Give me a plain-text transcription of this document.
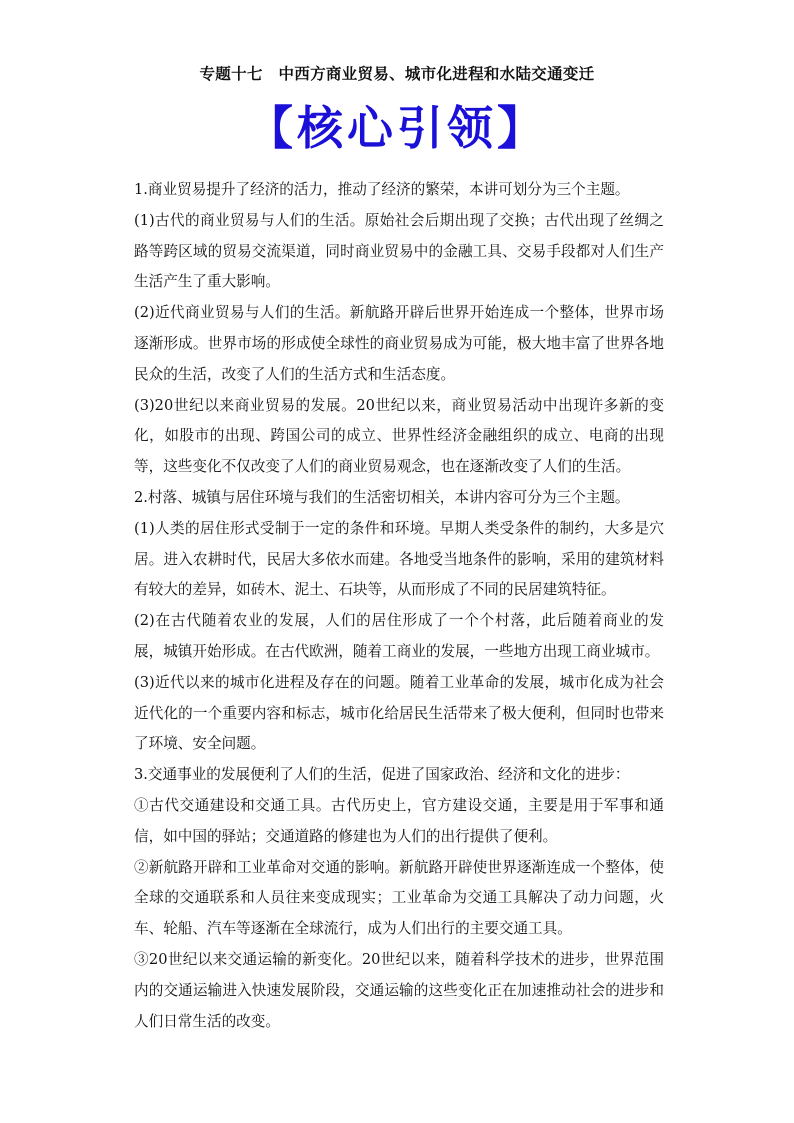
专题十七　中西方商业贸易、城市化进程和水陆交通变迁
【核心引领】

1.商业贸易提升了经济的活力，推动了经济的繁荣，本讲可划分为三个主题。

(1)古代的商业贸易与人们的生活。原始社会后期出现了交换；古代出现了丝绸之路等跨区域的贸易交流渠道，同时商业贸易中的金融工具、交易手段都对人们生产生活产生了重大影响。

(2)近代商业贸易与人们的生活。新航路开辟后世界开始连成一个整体，世界市场逐渐形成。世界市场的形成使全球性的商业贸易成为可能，极大地丰富了世界各地民众的生活，改变了人们的生活方式和生活态度。

(3)20世纪以来商业贸易的发展。20世纪以来，商业贸易活动中出现许多新的变化，如股市的出现、跨国公司的成立、世界性经济金融组织的成立、电商的出现等，这些变化不仅改变了人们的商业贸易观念，也在逐渐改变了人们的生活。

2.村落、城镇与居住环境与我们的生活密切相关，本讲内容可分为三个主题。

(1)人类的居住形式受制于一定的条件和环境。早期人类受条件的制约，大多是穴居。进入农耕时代，民居大多依水而建。各地受当地条件的影响，采用的建筑材料有较大的差异，如砖木、泥土、石块等，从而形成了不同的民居建筑特征。

(2)在古代随着农业的发展，人们的居住形成了一个个村落，此后随着商业的发展，城镇开始形成。在古代欧洲，随着工商业的发展，一些地方出现工商业城市。

(3)近代以来的城市化进程及存在的问题。随着工业革命的发展，城市化成为社会近代化的一个重要内容和标志，城市化给居民生活带来了极大便利，但同时也带来了环境、安全问题。

3.交通事业的发展便利了人们的生活，促进了国家政治、经济和文化的进步：

①古代交通建设和交通工具。古代历史上，官方建设交通，主要是用于军事和通信，如中国的驿站；交通道路的修建也为人们的出行提供了便利。

②新航路开辟和工业革命对交通的影响。新航路开辟使世界逐渐连成一个整体，使全球的交通联系和人员往来变成现实；工业革命为交通工具解决了动力问题，火车、轮船、汽车等逐渐在全球流行，成为人们出行的主要交通工具。

③20世纪以来交通运输的新变化。20世纪以来，随着科学技术的进步，世界范围内的交通运输进入快速发展阶段，交通运输的这些变化正在加速推动社会的进步和人们日常生活的改变。
